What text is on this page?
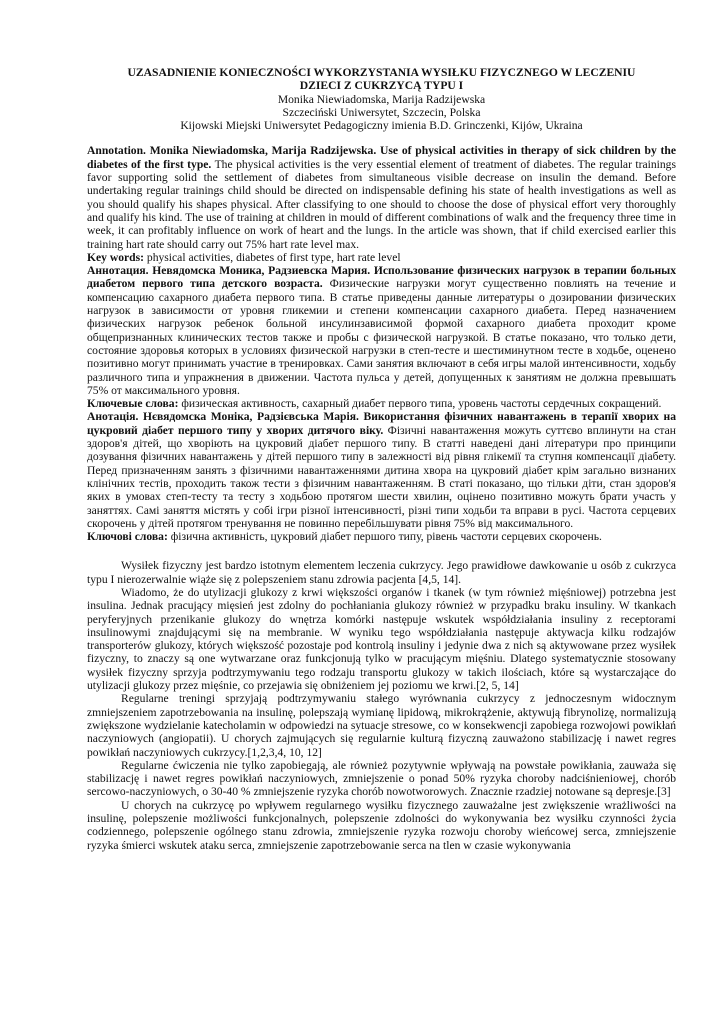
UZASADNIENIE KONIECZNOŚCI WYKORZYSTANIA WYSIŁKU FIZYCZNEGO W LECZENIU

DZIECI Z CUKRZYCĄ TYPU I

Monika Niewiadomska, Marija Radzijewska

Szczeciński Uniwersytet, Szczecin, Polska

Kijowski Miejski Uniwersytet Pedagogiczny imienia B.D. Grinczenki, Kijów, Ukraina

Annotation. Monika Niewiadomska, Marija Radzijewska. Use of physical activities in therapy of sick children by the diabetes of the first type. The physical activities is the very essential element of treatment of diabetes. The regular trainings favor supporting solid the settlement of diabetes from simultaneous visible decrease on insulin the demand. Before undertaking regular trainings child should be directed on indispensable defining his state of health investigations as well as you should qualify his shapes physical. After classifying to one should to choose the dose of physical effort very thoroughly and qualify his kind. The use of training at children in mould of different combinations of walk and the frequency three time in week, it can profitably influence on work of heart and the lungs. In the article was shown, that if child exercised earlier this training hart rate should carry out 75% hart rate level max.

Key words: physical activities, diabetes of first type, hart rate level

Аннотация. Невядомска Моника, Радзиевска Мария. Использование физических нагрузок в терапии больных диабетом первого типа детского возраста. Физические нагрузки могут существенно повлиять на течение и компенсацию сахарного диабета первого типа. В статье приведены данные литературы о дозировании физических нагрузок в зависимости от уровня гликемии и степени компенсации сахарного диабета. Перед назначением физических нагрузок ребенок больной инсулинзависимой формой сахарного диабета проходит кроме общепризнанных клинических тестов также и пробы с физической нагрузкой. В статье показано, что только дети, состояние здоровья которых в условиях физической нагрузки в степ-тесте и шестиминутном тесте в ходьбе, оценено позитивно могут принимать участие в тренировках. Сами занятия включают в себя игры малой интенсивности, ходьбу различного типа и упражнения в движении. Частота пульса у детей, допущенных к занятиям не должна превышать 75% от максимального уровня.

Ключевые слова: физическая активность, сахарный диабет первого типа, уровень частоты сердечных сокращений.

Анотація. Нєвядомска Моніка, Радзієвська Марія. Використання фізичних навантажень в терапії хворих на цукровий діабет першого типу у хворих дитячого віку. Фізичні навантаження можуть суттєво вплинути на стан здоров'я дітей, що хворіють на цукровий діабет першого типу. В статті наведені дані літератури про принципи дозування фізичних навантажень у дітей першого типу в залежності від рівня глікемії та ступня компенсації діабету. Перед призначенням занять з фізичними навантаженнями дитина хвора на цукровий діабет крім загально визнаних клінічних тестів, проходить також тести з фізичним навантаженням. В статі показано, що тільки діти, стан здоров'я яких в умовах степ-тесту та тесту з ходьбою протягом шести хвилин, оцінено позитивно можуть брати участь у заняттях. Самі заняття містять у собі ігри різної інтенсивності, різні типи ходьби та вправи в русі. Частота серцевих скорочень у дітей протягом тренування не повинно перебільшувати рівня 75% від максимального.

Ключові слова: фізична активність, цукровий діабет першого типу, рівень частоти серцевих скорочень.

Wysiłek fizyczny jest bardzo istotnym elementem leczenia cukrzycy. Jego prawidłowe dawkowanie u osób z cukrzyca typu I nierozerwalnie wiąże się z polepszeniem stanu zdrowia pacjenta [4,5, 14].

Wiadomo, że do utylizacji glukozy z krwi większości organów i tkanek (w tym również mięśniowej) potrzebna jest insulina. Jednak pracujący mięsień jest zdolny do pochłaniania glukozy również w przypadku braku insuliny. W tkankach peryferyjnych przenikanie glukozy do wnętrza komórki następuje wskutek współdziałania insuliny z receptorami insulinowymi znajdującymi się na membranie. W wyniku tego współdziałania następuje aktywacja kilku rodzajów transporterów glukozy, których większość pozostaje pod kontrolą insuliny i jedynie dwa z nich są aktywowane przez wysiłek fizyczny, to znaczy są one wytwarzane oraz funkcjonują tylko w pracującym mięśniu. Dlatego systematycznie stosowany wysiłek fizyczny sprzyja podtrzymywaniu tego rodzaju transportu glukozy w takich ilościach, które są wystarczające do utylizacji glukozy przez mięśnie, co przejawia się obniżeniem jej poziomu we krwi.[2, 5, 14]

Regularne treningi sprzyjają podtrzymywaniu stałego wyrównania cukrzycy z jednoczesnym widocznym zmniejszeniem zapotrzebowania na insulinę, polepszają wymianę lipidową, mikrokrążenie, aktywują fibrynolizę, normalizują zwiększone wydzielanie katecholamin w odpowiedzi na sytuacje stresowe, co w konsekwencji zapobiega rozwojowi powikłań naczyniowych (angiopatii). U chorych zajmujących się regularnie kulturą fizyczną zauważono stabilizację i nawet regres powikłań naczyniowych cukrzycy.[1,2,3,4, 10, 12]

Regularne ćwiczenia nie tylko zapobiegają, ale również pozytywnie wpływają na powstałe powikłania, zauważa się stabilizację i nawet regres powikłań naczyniowych, zmniejszenie o ponad 50% ryzyka choroby nadciśnieniowej, chorób sercowo-naczyniowych, o 30-40 % zmniejszenie ryzyka chorób nowotworowych. Znacznie rzadziej notowane są depresje.[3]

U chorych na cukrzycę po wpływem regularnego wysiłku fizycznego zauważalne jest zwiększenie wrażliwości na insulinę, polepszenie możliwości funkcjonalnych, polepszenie zdolności do wykonywania bez wysiłku czynności życia codziennego, polepszenie ogólnego stanu zdrowia, zmniejszenie ryzyka rozwoju choroby wieńcowej serca, zmniejszenie ryzyka śmierci wskutek ataku serca, zmniejszenie zapotrzebowanie serca na tlen w czasie wykonywania
